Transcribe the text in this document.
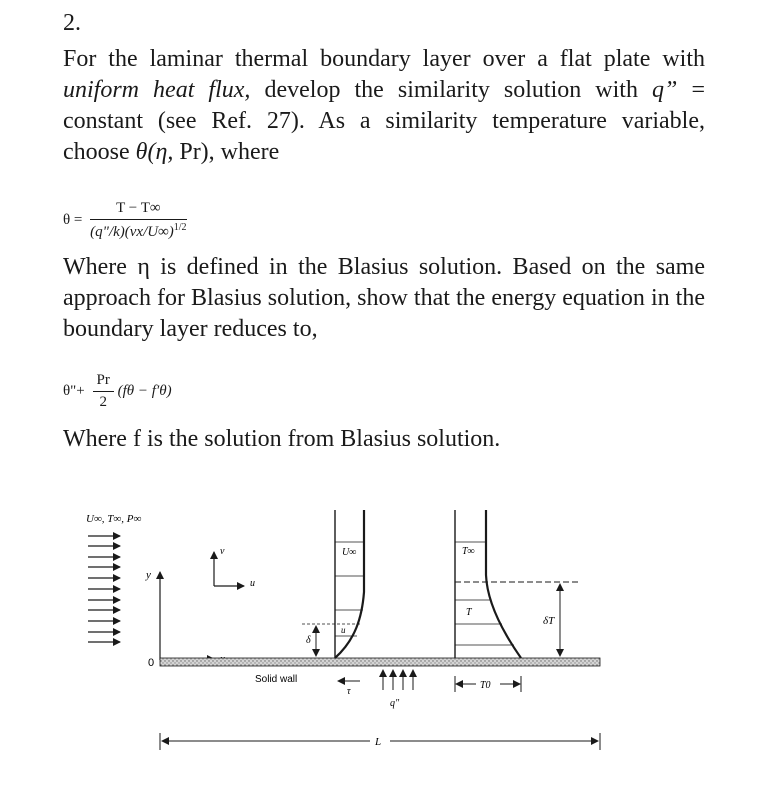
2.

For the laminar thermal boundary layer over a flat plate with uniform heat flux, develop the similarity solution with q” = constant (see Ref. 27). As a similarity temperature variable, choose θ(η, Pr), where

$\theta = \frac{T - T\infty}{(q"/k)(\nu x/U\infty)^{1/2}}$

Where η is defined in the Blasius solution. Based on the same approach for Blasius solution, show that the energy equation in the boundary layer reduces to,

θ"+ $\frac{Pr}{2} (f\theta - f'\theta)$

Where f is the solution from Blasius solution.

U∞, T∞, P∞
y
0
v
u
U∞
u
δ
T∞
T
δT
Solid wall
τ
q"
T0
L
